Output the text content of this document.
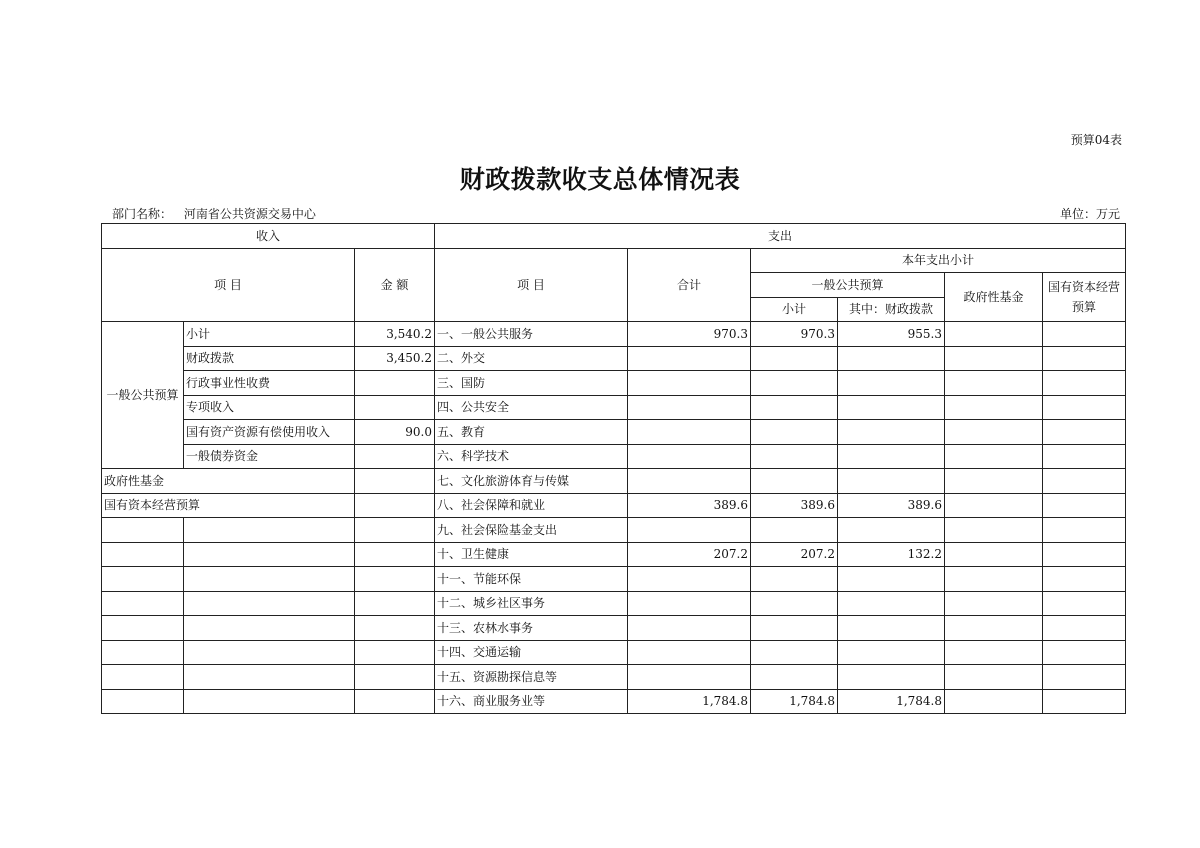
预算04表
财政拨款收支总体情况表
部门名称： 河南省公共资源交易中心	单位：万元
收入			支出					
项 目		金 额	项 目	合计	本年支出小计			
					一般公共预算		政府性基金	国有资本经营预算
					小计	其中：财政拨款		
一般公共预算	小计	3,540.2	一、一般公共服务	970.3	970.3	955.3		
	财政拨款	3,450.2	二、外交					
	行政事业性收费		三、国防					
	专项收入		四、公共安全					
	国有资产资源有偿使用收入	90.0	五、教育					
	一般债券资金		六、科学技术					
政府性基金			七、文化旅游体育与传媒					
国有资本经营预算			八、社会保障和就业	389.6	389.6	389.6		
			九、社会保险基金支出					
			十、卫生健康	207.2	207.2	132.2		
			十一、节能环保					
			十二、城乡社区事务					
			十三、农林水事务					
			十四、交通运输					
			十五、资源勘探信息等					
			十六、商业服务业等	1,784.8	1,784.8	1,784.8		
